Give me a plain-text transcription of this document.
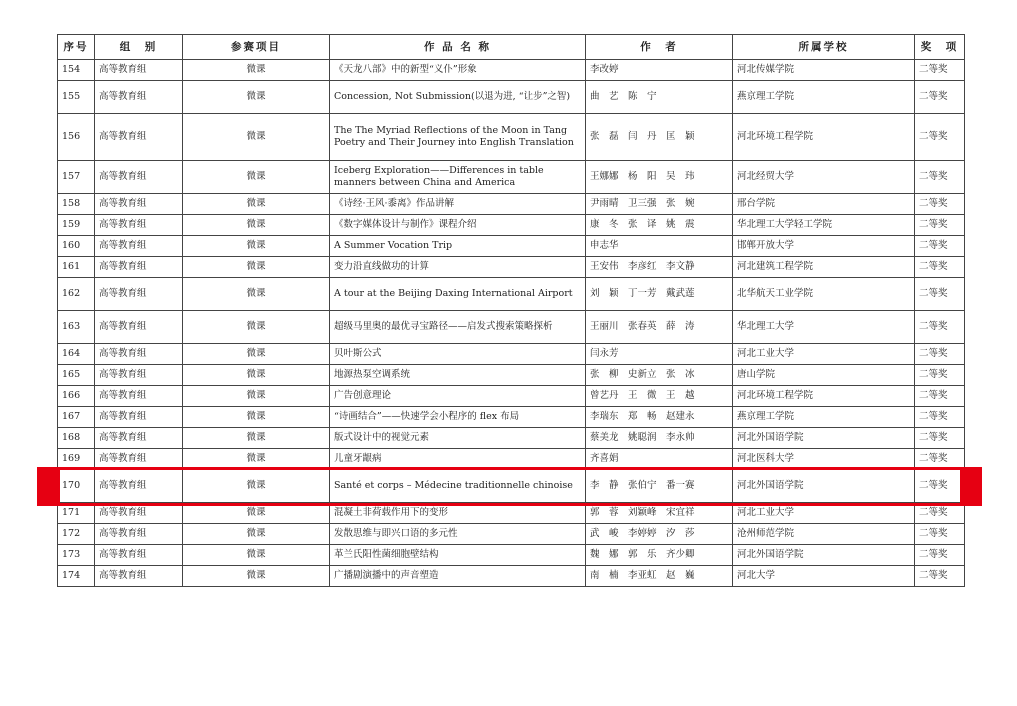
序号	组　别	参赛项目	作 品 名 称	作　者	所属学校	奖　项
154	高等教育组	微课	《天龙八部》中的新型“义仆”形象	李改婷	河北传媒学院	二等奖
155	高等教育组	微课	Concession, Not Submission(以退为进, “让步”之智)	曲　艺　陈　宁	燕京理工学院	二等奖
156	高等教育组	微课	The The Myriad Reflections of the Moon in Tang Poetry and Their Journey into English Translation	张　磊　闫　丹　匡　颖	河北环境工程学院	二等奖
157	高等教育组	微课	Iceberg Exploration——Differences in table manners between China and America	王娜娜　杨　阳　吴　玮	河北经贸大学	二等奖
158	高等教育组	微课	《诗经·王风·黍离》作品讲解	尹雨晴　卫三强　张　婉	邢台学院	二等奖
159	高等教育组	微课	《数字媒体设计与制作》课程介绍	康　冬　张　译　姚　震	华北理工大学轻工学院	二等奖
160	高等教育组	微课	A Summer Vocation Trip	申志华	邯郸开放大学	二等奖
161	高等教育组	微课	变力沿直线做功的计算	王安伟　李彦红　李文静	河北建筑工程学院	二等奖
162	高等教育组	微课	A tour at the Beijing Daxing International Airport	刘　颖　丁一芳　戴武莲	北华航天工业学院	二等奖
163	高等教育组	微课	超级马里奥的最优寻宝路径——启发式搜索策略探析	王丽川　张春英　薛　涛	华北理工大学	二等奖
164	高等教育组	微课	贝叶斯公式	闫永芳	河北工业大学	二等奖
165	高等教育组	微课	地源热泵空调系统	张　柳　史新立　张　冰	唐山学院	二等奖
166	高等教育组	微课	广告创意理论	曾艺丹　王　微　王　越	河北环境工程学院	二等奖
167	高等教育组	微课	“诗画结合”——快速学会小程序的 flex 布局	李瑞东　郑　畅　赵建永	燕京理工学院	二等奖
168	高等教育组	微课	版式设计中的视觉元素	蔡美龙　姚聪润　李永帅	河北外国语学院	二等奖
169	高等教育组	微课	儿童牙龈病	齐喜娟	河北医科大学	二等奖
170	高等教育组	微课	Santé et corps – Médecine traditionnelle chinoise	李　静　张伯宁　番一赛	河北外国语学院	二等奖
171	高等教育组	微课	混凝土非荷载作用下的变形	郭　蓉　刘颖峰　宋宜祥	河北工业大学	二等奖
172	高等教育组	微课	发散思维与即兴口语的多元性	武　峻　李婷婷　汐　莎	沧州师范学院	二等奖
173	高等教育组	微课	革兰氏阳性菌细胞壁结构	魏　娜　郭　乐　齐少卿	河北外国语学院	二等奖
174	高等教育组	微课	广播剧演播中的声音塑造	南　楠　李亚虹　赵　巍	河北大学	二等奖
